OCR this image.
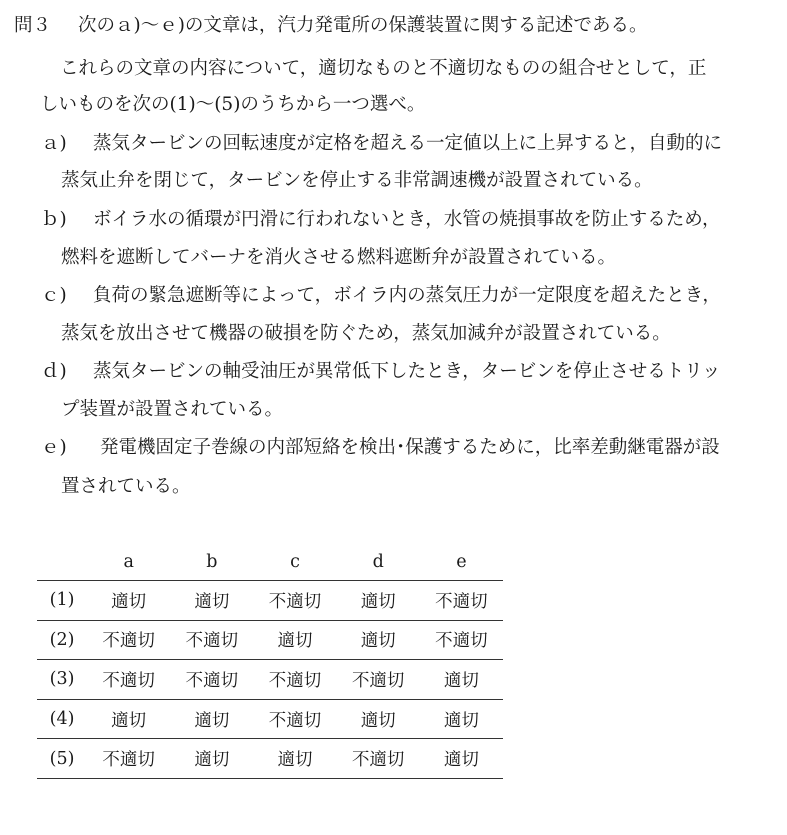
問３ 次のａ)～ｅ)の文章は，汽力発電所の保護装置に関する記述である。
これらの文章の内容について，適切なものと不適切なものの組合せとして，正
しいものを次の(1)～(5)のうちから一つ選べ。
ａ) 蒸気タービンの回転速度が定格を超える一定値以上に上昇すると，自動的に
蒸気止弁を閉じて，タービンを停止する非常調速機が設置されている。
ｂ) ボイラ水の循環が円滑に行われないとき，水管の焼損事故を防止するため，
燃料を遮断してバーナを消火させる燃料遮断弁が設置されている。
ｃ) 負荷の緊急遮断等によって，ボイラ内の蒸気圧力が一定限度を超えたとき，
蒸気を放出させて機器の破損を防ぐため，蒸気加減弁が設置されている。
ｄ) 蒸気タービンの軸受油圧が異常低下したとき，タービンを停止させるトリッ
プ装置が設置されている。
ｅ) 発電機固定子巻線の内部短絡を検出･保護するために，比率差動継電器が設
置されている。
	a	b	c	d	e
(1)	適切	適切	不適切	適切	不適切
(2)	不適切	不適切	適切	適切	不適切
(3)	不適切	不適切	不適切	不適切	適切
(4)	適切	適切	不適切	適切	適切
(5)	不適切	適切	適切	不適切	適切
